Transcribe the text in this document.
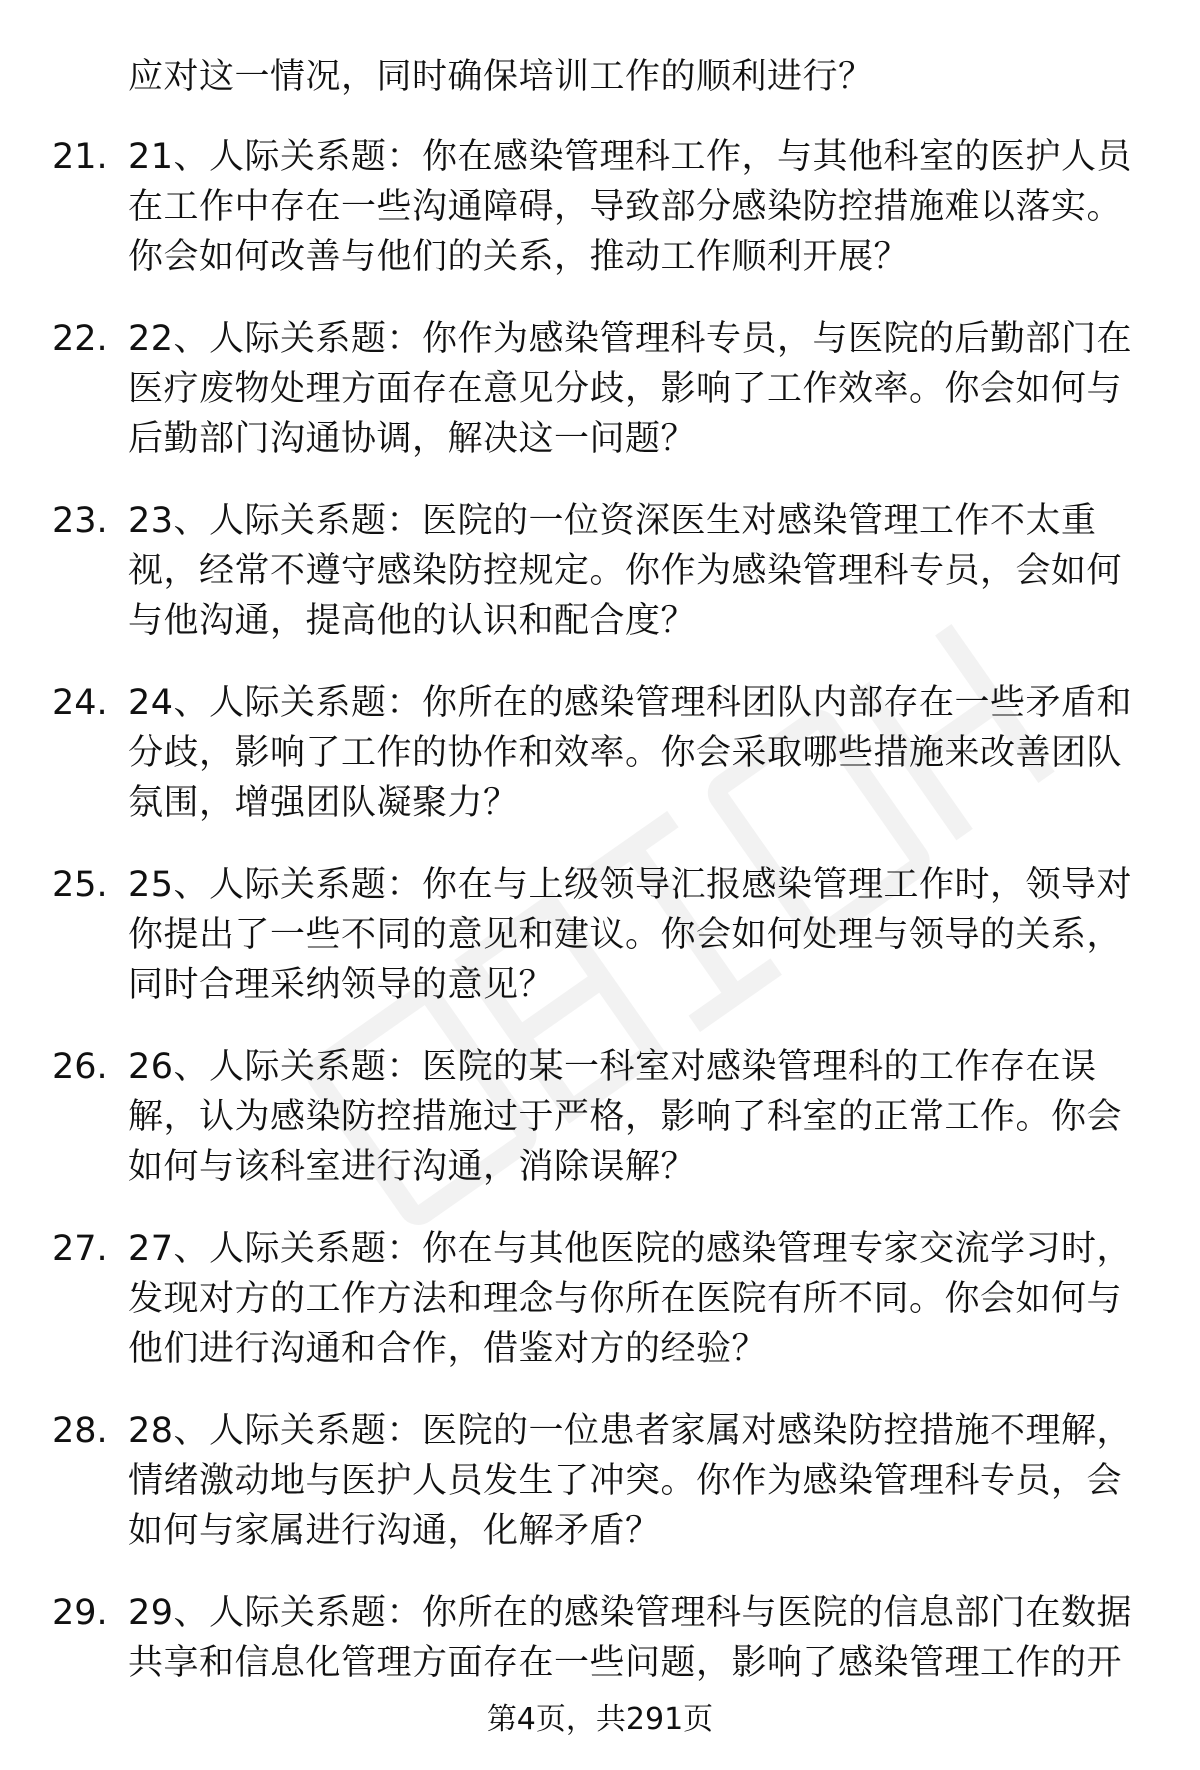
应对这一情况，同时确保培训工作的顺利进行？

21. 21、人际关系题：你在感染管理科工作，与其他科室的医护人员
在工作中存在一些沟通障碍，导致部分感染防控措施难以落实。
你会如何改善与他们的关系，推动工作顺利开展？

22. 22、人际关系题：你作为感染管理科专员，与医院的后勤部门在
医疗废物处理方面存在意见分歧，影响了工作效率。你会如何与
后勤部门沟通协调，解决这一问题？

23. 23、人际关系题：医院的一位资深医生对感染管理工作不太重
视，经常不遵守感染防控规定。你作为感染管理科专员，会如何
与他沟通，提高他的认识和配合度？

24. 24、人际关系题：你所在的感染管理科团队内部存在一些矛盾和
分歧，影响了工作的协作和效率。你会采取哪些措施来改善团队
氛围，增强团队凝聚力？

25. 25、人际关系题：你在与上级领导汇报感染管理工作时，领导对
你提出了一些不同的意见和建议。你会如何处理与领导的关系，
同时合理采纳领导的意见？

26. 26、人际关系题：医院的某一科室对感染管理科的工作存在误
解，认为感染防控措施过于严格，影响了科室的正常工作。你会
如何与该科室进行沟通，消除误解？

27. 27、人际关系题：你在与其他医院的感染管理专家交流学习时，
发现对方的工作方法和理念与你所在医院有所不同。你会如何与
他们进行沟通和合作，借鉴对方的经验？

28. 28、人际关系题：医院的一位患者家属对感染防控措施不理解，
情绪激动地与医护人员发生了冲突。你作为感染管理科专员，会
如何与家属进行沟通，化解矛盾？

29. 29、人际关系题：你所在的感染管理科与医院的信息部门在数据
共享和信息化管理方面存在一些问题，影响了感染管理工作的开

第4页，共291页
